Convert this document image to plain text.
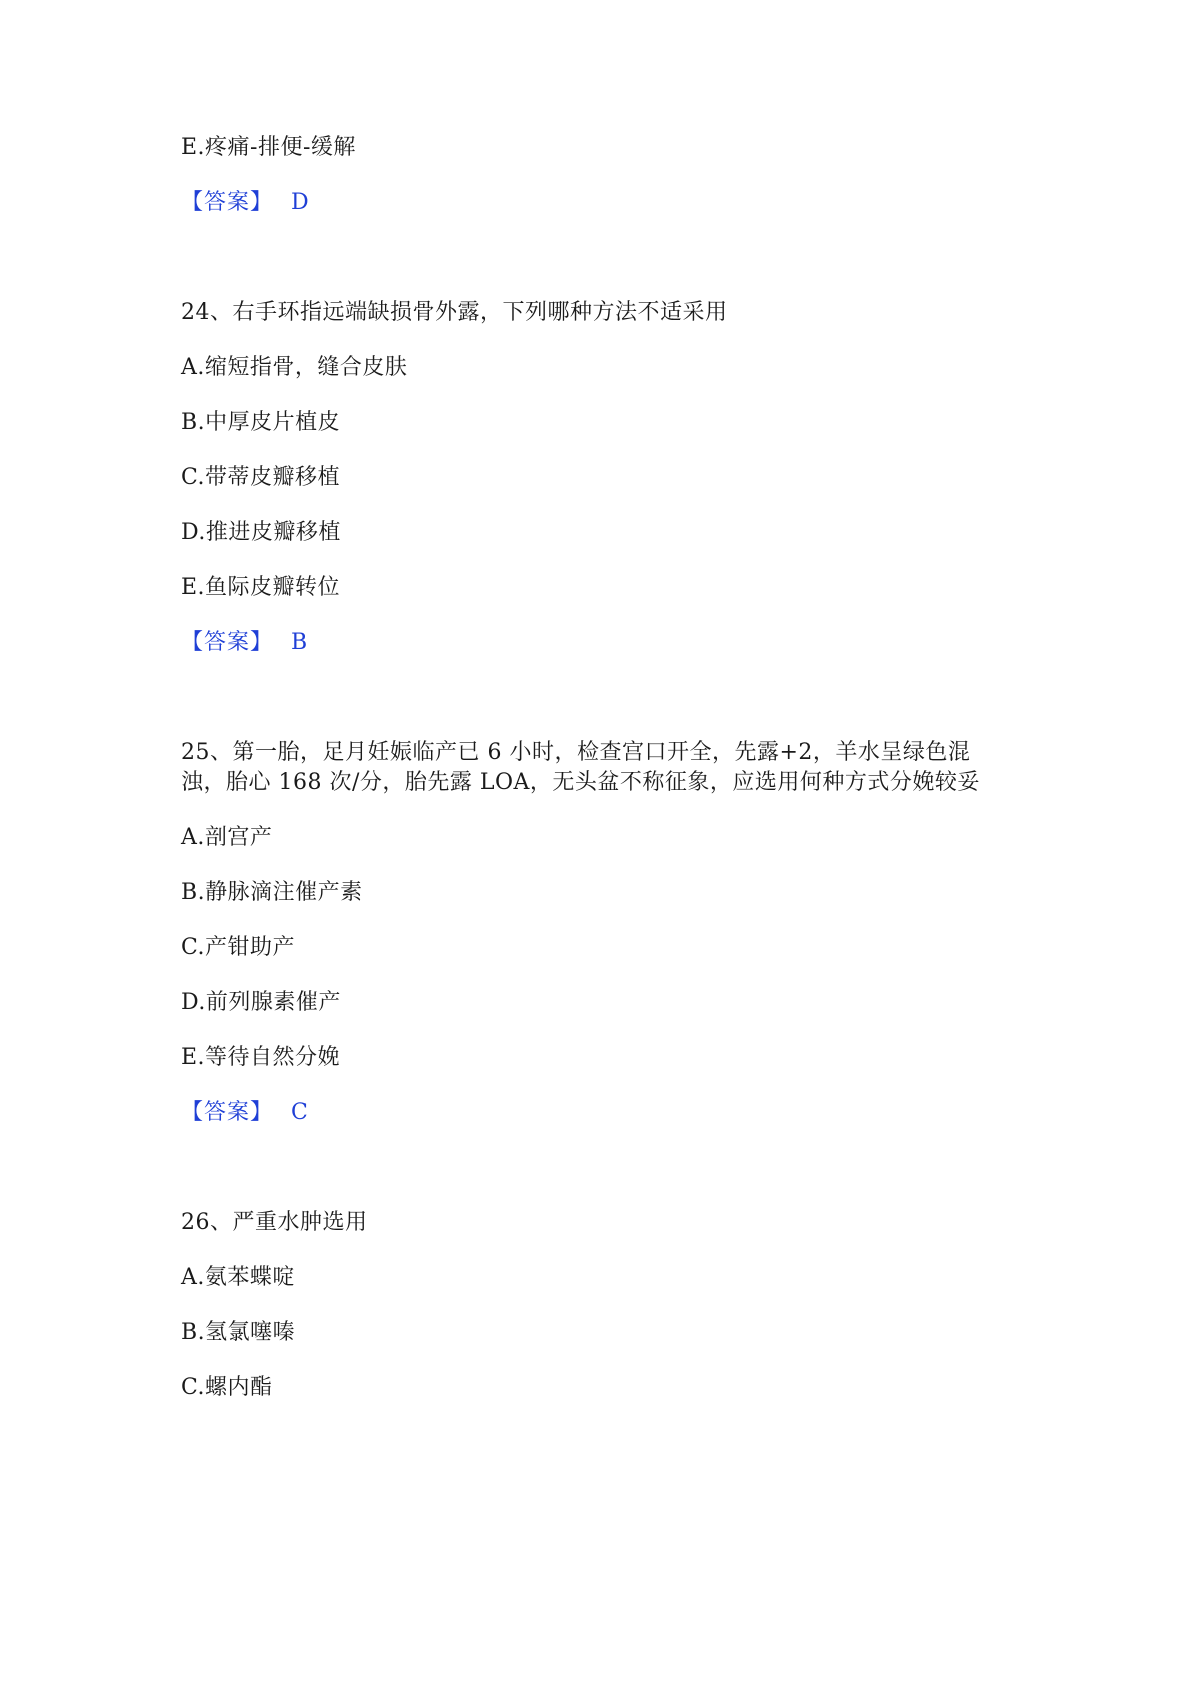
E.疼痛-排便-缓解
【答案】 D
24、右手环指远端缺损骨外露，下列哪种方法不适采用
A.缩短指骨，缝合皮肤
B.中厚皮片植皮
C.带蒂皮瓣移植
D.推进皮瓣移植
E.鱼际皮瓣转位
【答案】 B
25、第一胎，足月妊娠临产已 6 小时，检查宫口开全，先露+2，羊水呈绿色混
浊，胎心 168 次/分，胎先露 LOA，无头盆不称征象，应选用何种方式分娩较妥
A.剖宫产
B.静脉滴注催产素
C.产钳助产
D.前列腺素催产
E.等待自然分娩
【答案】 C
26、严重水肿选用
A.氨苯蝶啶
B.氢氯噻嗪
C.螺内酯
